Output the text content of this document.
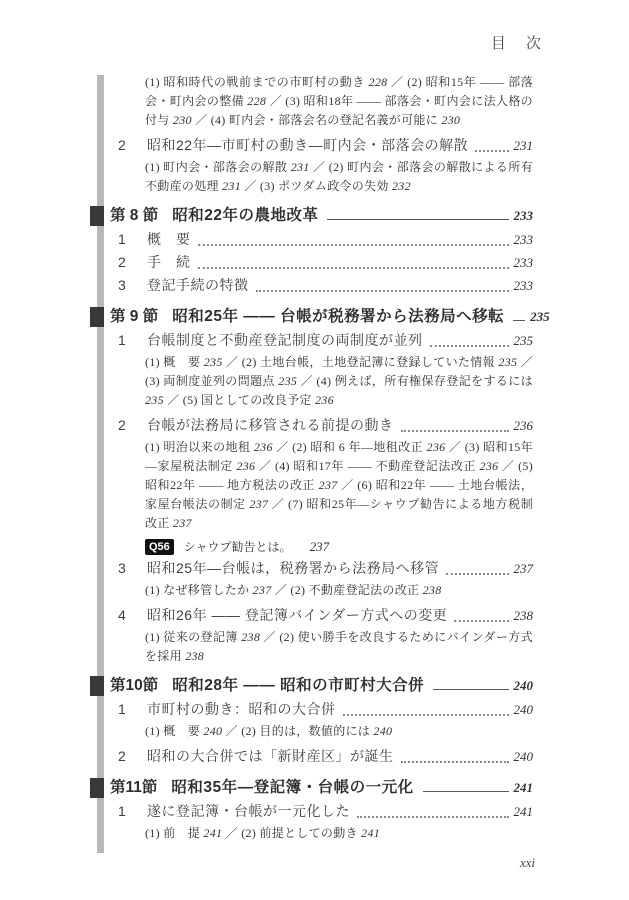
目 次
(1) 昭和時代の戦前までの市町村の動き 228 ／ (2) 昭和15年 —— 部落会・町内会の整備 228 ／ (3) 昭和18年 —— 部落会・町内会に法人格の付与 230 ／ (4) 町内会・部落会名の登記名義が可能に 230
2	昭和22年—市町村の動き—町内会・部落会の解散	231
(1) 町内会・部落会の解散 231 ／ (2) 町内会・部落会の解散による所有不動産の処理 231 ／ (3) ポツダム政令の失効 232
第 8 節 昭和22年の農地改革	233
1	概　要	233
2	手　続	233
3	登記手続の特徴	233
第 9 節 昭和25年 —— 台帳が税務署から法務局へ移転 235
1	台帳制度と不動産登記制度の両制度が並列	235
(1) 概　要 235 ／ (2) 土地台帳，土地登記簿に登録していた情報 235 ／ (3) 両制度並列の問題点 235 ／ (4) 例えば，所有権保存登記をするには 235 ／ (5) 国としての改良予定 236
2	台帳が法務局に移管される前提の動き	236
(1) 明治以来の地租 236 ／ (2) 昭和 6 年—地租改正 236 ／ (3) 昭和15年—家屋税法制定 236 ／ (4) 昭和17年 —— 不動産登記法改正 236 ／ (5) 昭和22年 —— 地方税法の改正 237 ／ (6) 昭和22年 —— 土地台帳法，家屋台帳法の制定 237 ／ (7) 昭和25年—シャウプ勧告による地方税制改正 237
Q56	シャウプ勧告とは。 237
3	昭和25年—台帳は，税務署から法務局へ移管	237
(1) なぜ移管したか 237 ／ (2) 不動産登記法の改正 238
4	昭和26年 —— 登記簿バインダー方式への変更	238
(1) 従来の登記簿 238 ／ (2) 使い勝手を改良するためにバインダー方式を採用 238
第10節 昭和28年 —— 昭和の市町村大合併	240
1	市町村の動き：昭和の大合併	240
(1) 概　要 240 ／ (2) 目的は，数値的には 240
2	昭和の大合併では「新財産区」が誕生	240
第11節 昭和35年—登記簿・台帳の一元化	241
1	遂に登記簿・台帳が一元化した	241
(1) 前　提 241 ／ (2) 前提としての動き 241
xxi
